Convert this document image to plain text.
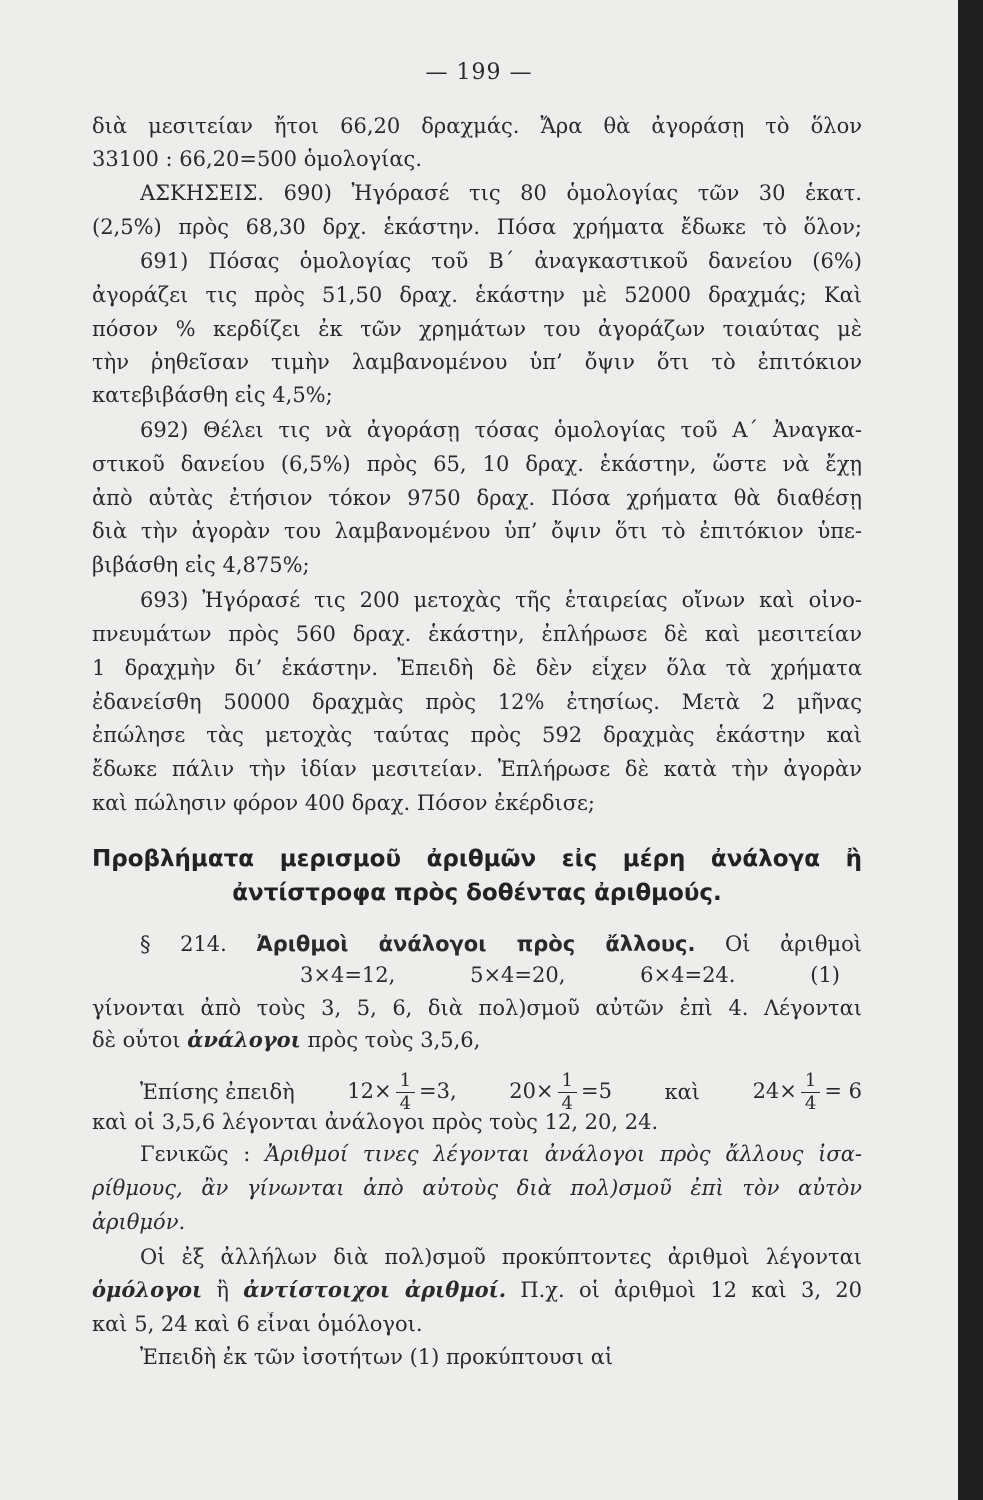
— 199 —
διὰ μεσιτείαν ἤτοι 66,20 δραχμάς. Ἄρα θὰ ἀγοράσῃ τὸ ὅλον
33100 : 66,20=500 ὁμολογίας.
ΑΣΚΗΣΕΙΣ. 690) Ἠγόρασέ τις 80 ὁμολογίας τῶν 30 ἑκατ.
(2,5%) πρὸς 68,30 δρχ. ἑκάστην. Πόσα χρήματα ἔδωκε τὸ ὅλον;
691) Πόσας ὁμολογίας τοῦ Β΄ ἀναγκαστικοῦ δανείου (6%)
ἀγοράζει τις πρὸς 51,50 δραχ. ἑκάστην μὲ 52000 δραχμάς; Καὶ
πόσον % κερδίζει ἐκ τῶν χρημάτων του ἀγοράζων τοιαύτας μὲ
τὴν ῥηθεῖσαν τιμὴν λαμβανομένου ὑπ’ ὄψιν ὅτι τὸ ἐπιτόκιον
κατεβιβάσθη εἰς 4,5%;
692) Θέλει τις νὰ ἀγοράσῃ τόσας ὁμολογίας τοῦ Α΄ Ἀναγκα-
στικοῦ δανείου (6,5%) πρὸς 65, 10 δραχ. ἑκάστην, ὥστε νὰ ἔχῃ
ἀπὸ αὐτὰς ἐτήσιον τόκον 9750 δραχ. Πόσα χρήματα θὰ διαθέσῃ
διὰ τὴν ἀγορὰν του λαμβανομένου ὑπ’ ὄψιν ὅτι τὸ ἐπιτόκιον ὑπε-
βιβάσθη εἰς 4,875%;
693) Ἠγόρασέ τις 200 μετοχὰς τῆς ἑταιρείας οἴνων καὶ οἰνο-
πνευμάτων πρὸς 560 δραχ. ἑκάστην, ἐπλήρωσε δὲ καὶ μεσιτείαν
1 δραχμὴν δι’ ἑκάστην. Ἐπειδὴ δὲ δὲν εἶχεν ὅλα τὰ χρήματα
ἐδανείσθη 50000 δραχμὰς πρὸς 12% ἐτησίως. Μετὰ 2 μῆνας
ἐπώλησε τὰς μετοχὰς ταύτας πρὸς 592 δραχμὰς ἑκάστην καὶ
ἔδωκε πάλιν τὴν ἰδίαν μεσιτείαν. Ἐπλήρωσε δὲ κατὰ τὴν ἀγορὰν
καὶ πώλησιν φόρον 400 δραχ. Πόσον ἐκέρδισε;
Προβλήματα μερισμοῦ ἀριθμῶν εἰς μέρη ἀνάλογα ἢ
ἀντίστροφα πρὸς δοθέντας ἀριθμούς.
§ 214. Ἀριθμοὶ ἀνάλογοι πρὸς ἄλλους. Οἱ ἀριθμοὶ
3×4=12, 5×4=20, 6×4=24.	(1)
γίνονται ἀπὸ τοὺς 3, 5, 6, διὰ πολ)σμοῦ αὐτῶν ἐπὶ 4. Λέγονται
δὲ οὗτοι ἀνάλογοι πρὸς τοὺς 3,5,6,
Ἐπίσης ἐπειδὴ	$12\times \frac{1}{4} =3$,	$20\times \frac{1}{4} =5$	καὶ	$24\times \frac{1}{4} = 6$
καὶ οἱ 3,5,6 λέγονται ἀνάλογοι πρὸς τοὺς 12, 20, 24.
Γενικῶς : Ἀριθμοί τινες λέγονται ἀνάλογοι πρὸς ἄλλους ἰσα-
ρίθμους, ἂν γίνωνται ἀπὸ αὐτοὺς διὰ πολ)σμοῦ ἐπὶ τὸν αὐτὸν
ἀριθμόν.
Οἱ ἐξ ἀλλήλων διὰ πολ)σμοῦ προκύπτοντες ἀριθμοὶ λέγονται
ὁμόλογοι ἢ ἀντίστοιχοι ἀριθμοί. Π.χ. οἱ ἀριθμοὶ 12 καὶ 3, 20
καὶ 5, 24 καὶ 6 εἶναι ὁμόλογοι.
Ἐπειδὴ ἐκ τῶν ἰσοτήτων (1) προκύπτουσι αἱ
